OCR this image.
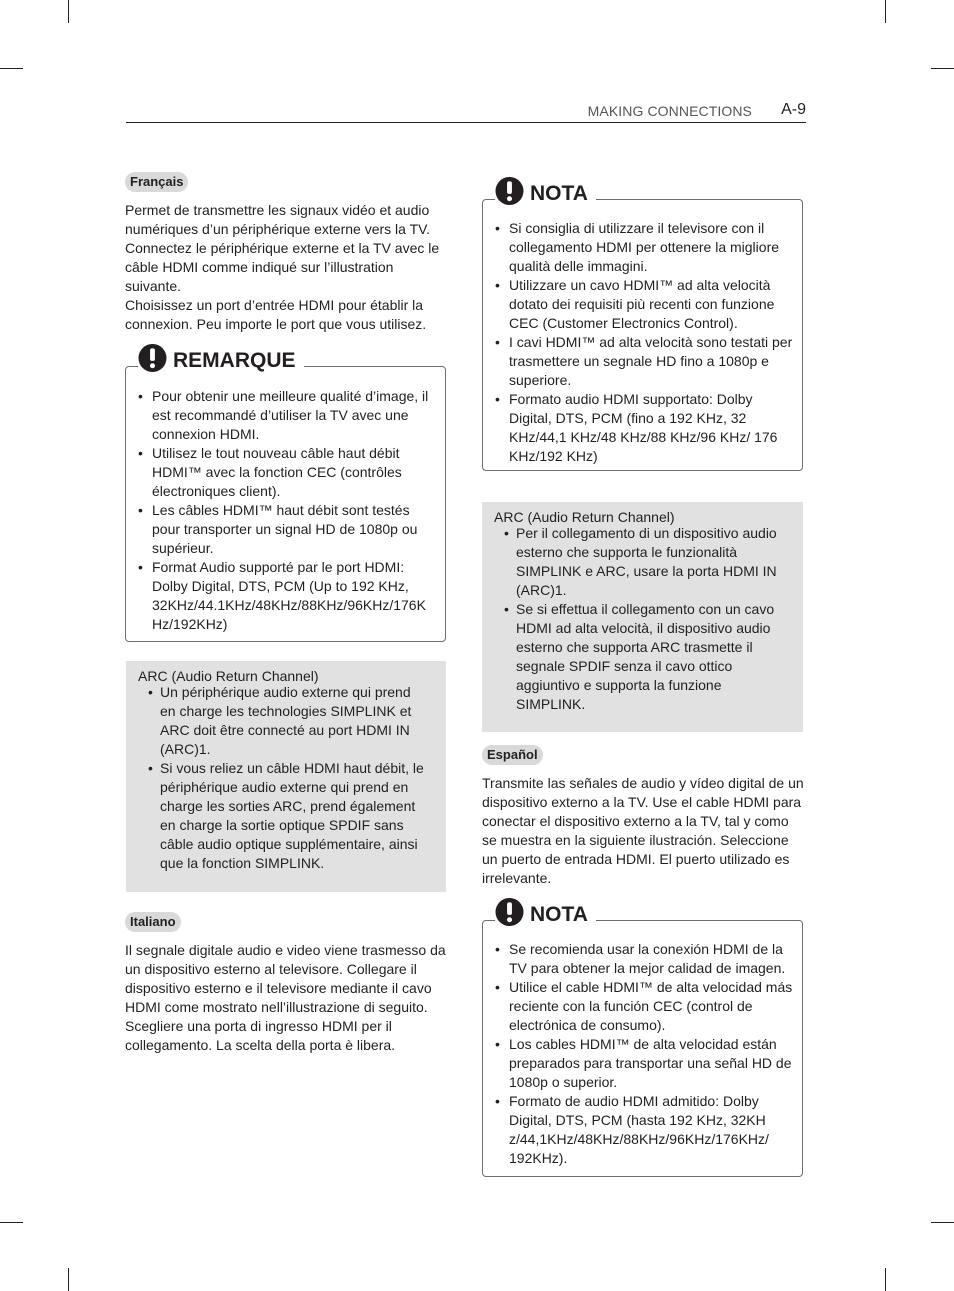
MAKING CONNECTIONS A-9
Français

Permet de transmettre les signaux vidéo et audio numériques d’un périphérique externe vers la TV. Connectez le périphérique externe et la TV avec le câble HDMI comme indiqué sur l’illustration suivante.
Choisissez un port d’entrée HDMI pour établir la connexion. Peu importe le port que vous utilisez.

REMARQUE
• Pour obtenir une meilleure qualité d’image, il est recommandé d’utiliser la TV avec une connexion HDMI.
• Utilisez le tout nouveau câble haut débit HDMI™ avec la fonction CEC (contrôles électroniques client).
• Les câbles HDMI™ haut débit sont testés pour transporter un signal HD de 1080p ou supérieur.
• Format Audio supporté par le port HDMI: Dolby Digital, DTS, PCM (Up to 192 KHz, 32KHz/44.1KHz/48KHz/88KHz/96KHz/176K Hz/192KHz)
ARC (Audio Return Channel)
• Un périphérique audio externe qui prend en charge les technologies SIMPLINK et ARC doit être connecté au port HDMI IN (ARC)1.
• Si vous reliez un câble HDMI haut débit, le périphérique audio externe qui prend en charge les sorties ARC, prend également en charge la sortie optique SPDIF sans câble audio optique supplémentaire, ainsi que la fonction SIMPLINK.
Italiano

Il segnale digitale audio e video viene trasmesso da un dispositivo esterno al televisore. Collegare il dispositivo esterno e il televisore mediante il cavo HDMI come mostrato nell’illustrazione di seguito. Scegliere una porta di ingresso HDMI per il collegamento. La scelta della porta è libera.

NOTA
• Si consiglia di utilizzare il televisore con il collegamento HDMI per ottenere la migliore qualità delle immagini.
• Utilizzare un cavo HDMI™ ad alta velocità dotato dei requisiti più recenti con funzione CEC (Customer Electronics Control).
• I cavi HDMI™ ad alta velocità sono testati per trasmettere un segnale HD fino a 1080p e superiore.
• Formato audio HDMI supportato: Dolby Digital, DTS, PCM (fino a 192 KHz, 32 KHz/44,1 KHz/48 KHz/88 KHz/96 KHz/ 176 KHz/192 KHz)
ARC (Audio Return Channel)
• Per il collegamento di un dispositivo audio esterno che supporta le funzionalità SIMPLINK e ARC, usare la porta HDMI IN (ARC)1.
• Se si effettua il collegamento con un cavo HDMI ad alta velocità, il dispositivo audio esterno che supporta ARC trasmette il segnale SPDIF senza il cavo ottico aggiuntivo e supporta la funzione SIMPLINK.
Español

Transmite las señales de audio y vídeo digital de un dispositivo externo a la TV. Use el cable HDMI para conectar el dispositivo externo a la TV, tal y como se muestra en la siguiente ilustración. Seleccione un puerto de entrada HDMI. El puerto utilizado es irrelevante.

NOTA
• Se recomienda usar la conexión HDMI de la TV para obtener la mejor calidad de imagen.
• Utilice el cable HDMI™ de alta velocidad más reciente con la función CEC (control de electrónica de consumo).
• Los cables HDMI™ de alta velocidad están preparados para transportar una señal HD de 1080p o superior.
• Formato de audio HDMI admitido: Dolby Digital, DTS, PCM (hasta 192 KHz, 32KH z/44,1KHz/48KHz/88KHz/96KHz/176KHz/ 192KHz).
